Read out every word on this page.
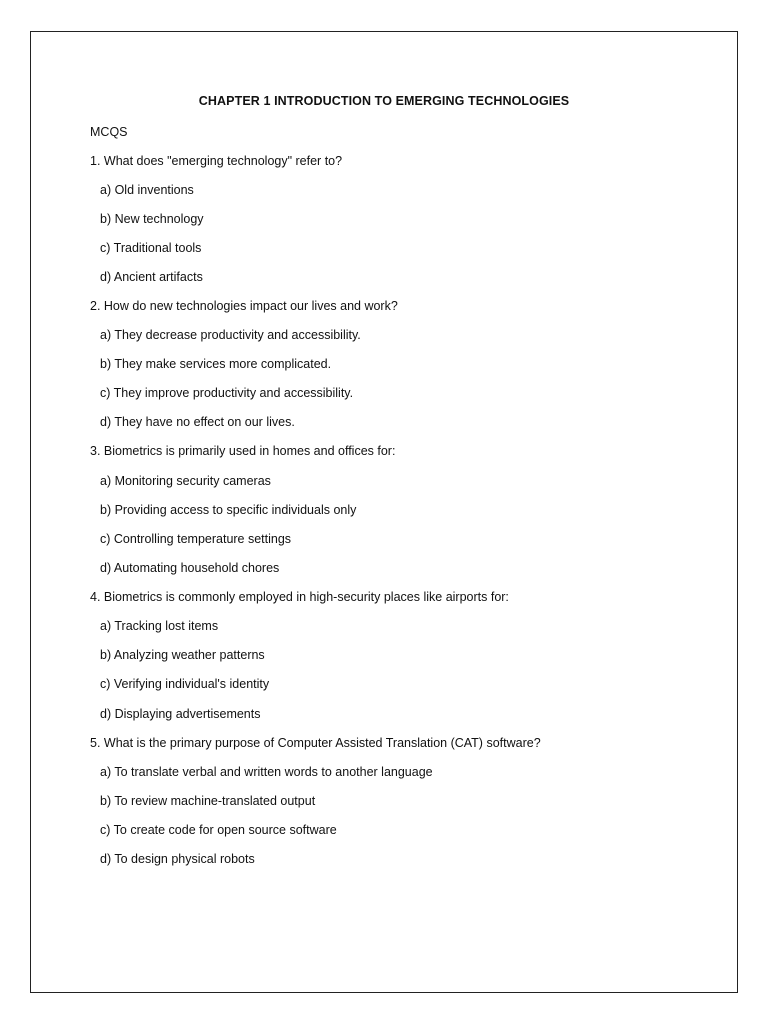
CHAPTER 1 INTRODUCTION TO EMERGING TECHNOLOGIES
MCQS
1. What does "emerging technology" refer to?
a) Old inventions
b) New technology
c) Traditional tools
d) Ancient artifacts
2. How do new technologies impact our lives and work?
a) They decrease productivity and accessibility.
b) They make services more complicated.
c) They improve productivity and accessibility.
d) They have no effect on our lives.
3. Biometrics is primarily used in homes and offices for:
a) Monitoring security cameras
b) Providing access to specific individuals only
c) Controlling temperature settings
d) Automating household chores
4. Biometrics is commonly employed in high-security places like airports for:
a) Tracking lost items
b) Analyzing weather patterns
c) Verifying individual's identity
d) Displaying advertisements
5. What is the primary purpose of Computer Assisted Translation (CAT) software?
a) To translate verbal and written words to another language
b) To review machine-translated output
c) To create code for open source software
d) To design physical robots
